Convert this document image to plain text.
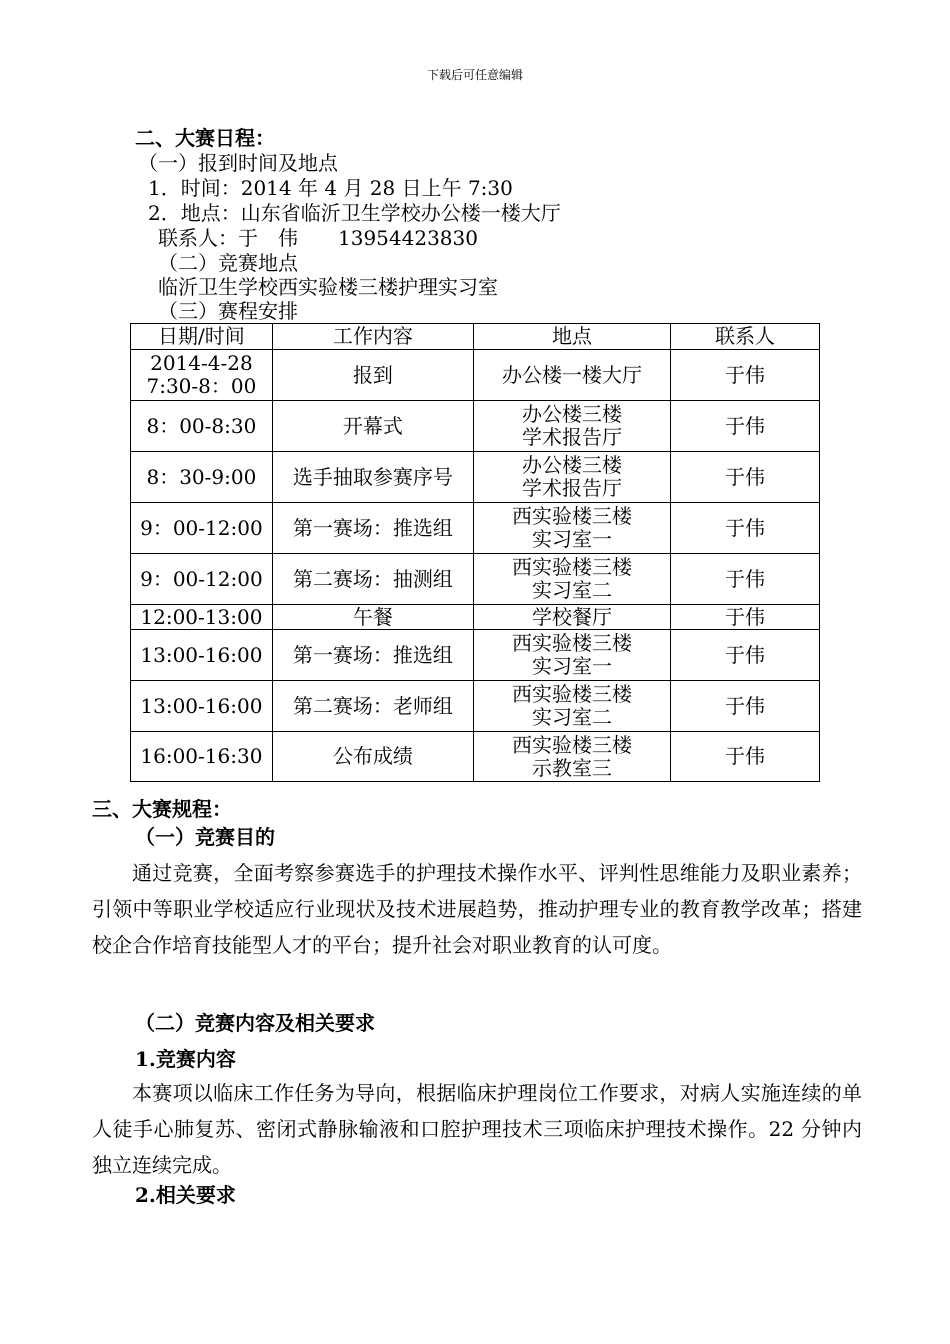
下载后可任意编辑
二、大赛日程：
（一）报到时间及地点
1．时间：2014 年 4 月 28 日上午 7:30
2．地点：山东省临沂卫生学校办公楼一楼大厅
联系人：于　伟　　13954423830
（二）竞赛地点
临沂卫生学校西实验楼三楼护理实习室
（三）赛程安排
日期/时间	工作内容	地点	联系人
2014-4-28
7:30-8：00	报到	办公楼一楼大厅	于伟
8：00-8:30	开幕式	办公楼三楼
学术报告厅	于伟
8：30-9:00	选手抽取参赛序号	办公楼三楼
学术报告厅	于伟
9：00-12:00	第一赛场：推选组	西实验楼三楼
实习室一	于伟
9：00-12:00	第二赛场：抽测组	西实验楼三楼
实习室二	于伟
12:00-13:00	午餐	学校餐厅	于伟
13:00-16:00	第一赛场：推选组	西实验楼三楼
实习室一	于伟
13:00-16:00	第二赛场：老师组	西实验楼三楼
实习室二	于伟
16:00-16:30	公布成绩	西实验楼三楼
示教室三	于伟
三、大赛规程：
（一）竞赛目的
通过竞赛，全面考察参赛选手的护理技术操作水平、评判性思维能力及职业素养；引领中等职业学校适应行业现状及技术进展趋势，推动护理专业的教育教学改革；搭建校企合作培育技能型人才的平台；提升社会对职业教育的认可度。
（二）竞赛内容及相关要求
1.竞赛内容
本赛项以临床工作任务为导向，根据临床护理岗位工作要求，对病人实施连续的单人徒手心肺复苏、密闭式静脉输液和口腔护理技术三项临床护理技术操作。22 分钟内独立连续完成。
2.相关要求
